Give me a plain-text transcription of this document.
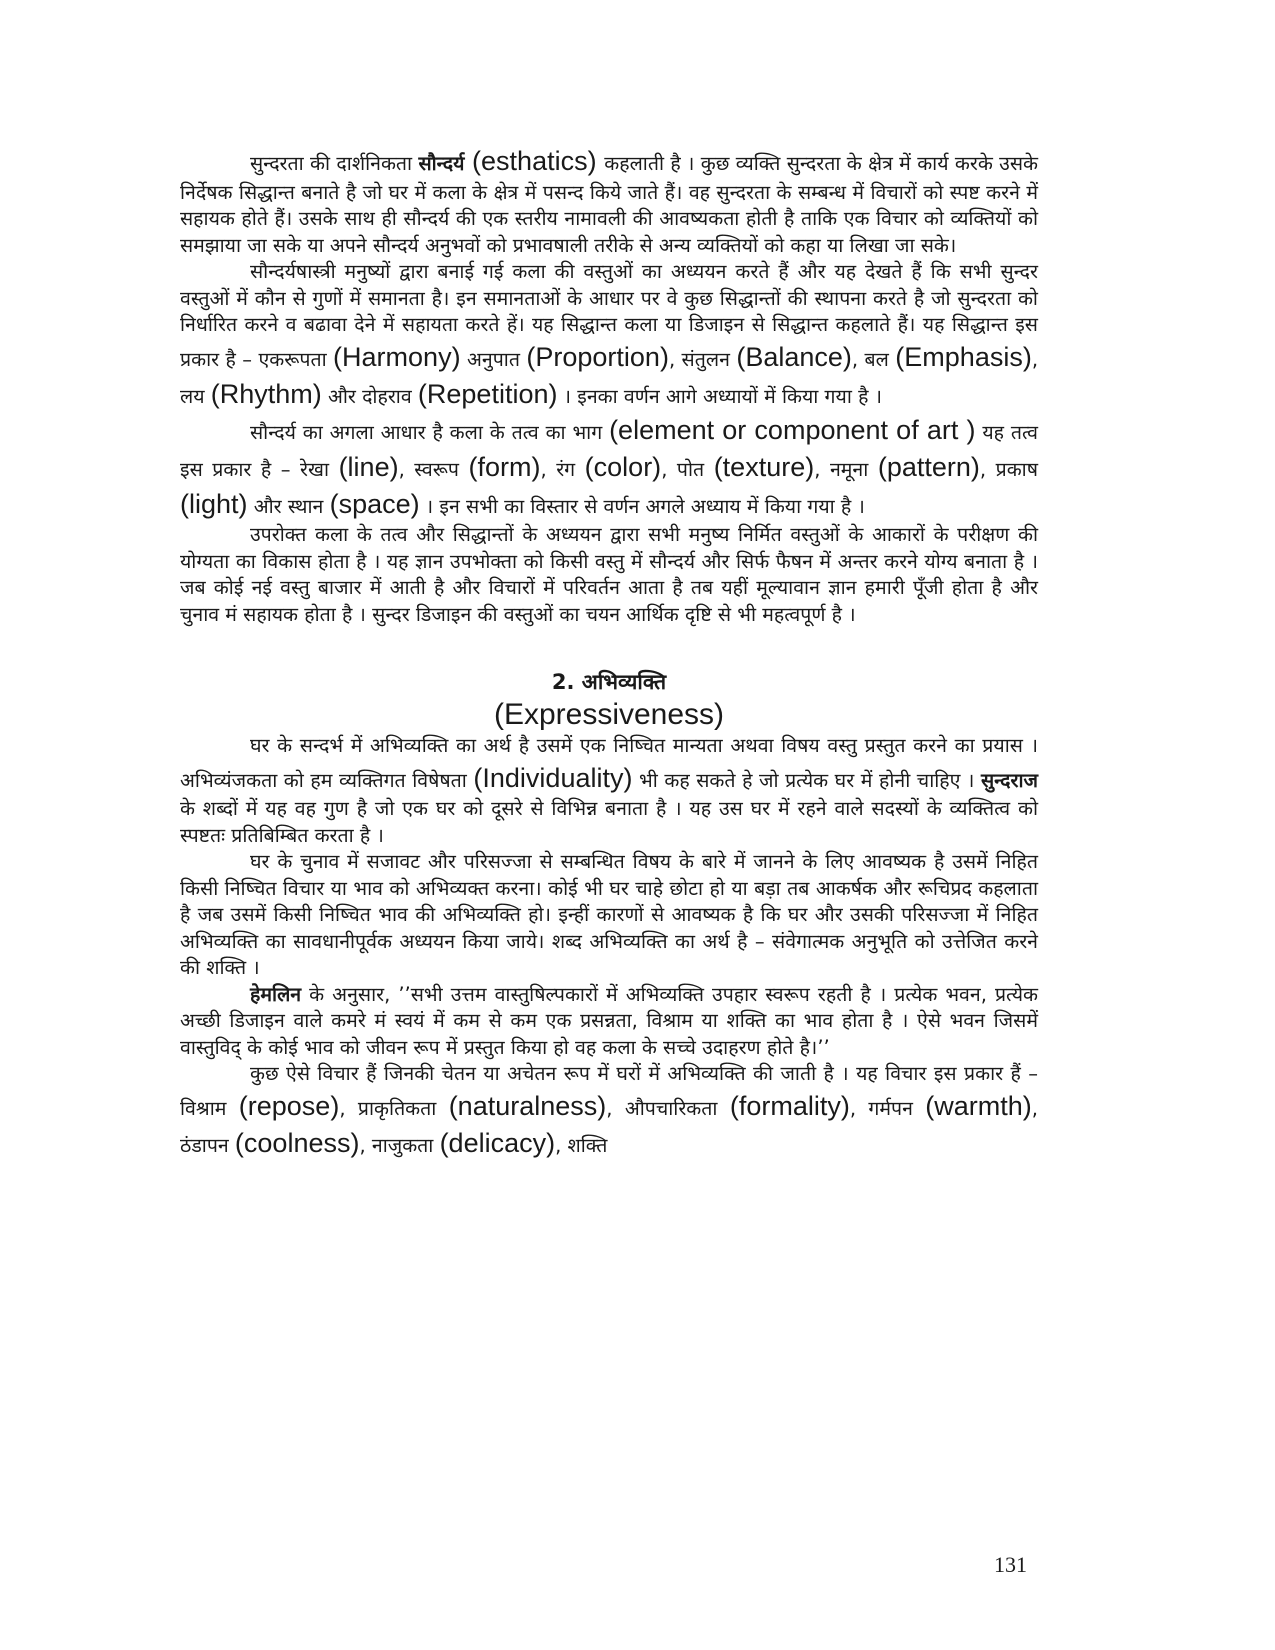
सुन्दरता की दार्शनिकता सौन्दर्य (esthatics) कहलाती है । कुछ व्यक्ति सुन्दरता के क्षेत्र में कार्य करके उसके निर्देषक सिद्धान्त बनाते है जो घर में कला के क्षेत्र में पसन्द किये जाते हैं। वह सुन्दरता के सम्बन्ध में विचारों को स्पष्ट करने में सहायक होते हैं। उसके साथ ही सौन्दर्य की एक स्तरीय नामावली की आवष्यकता होती है ताकि एक विचार को व्यक्तियों को समझाया जा सके या अपने सौन्दर्य अनुभवों को प्रभावषाली तरीके से अन्य व्यक्तियों को कहा या लिखा जा सके।

सौन्दर्यषास्त्री मनुष्यों द्वारा बनाई गई कला की वस्तुओं का अध्ययन करते हैं और यह देखते हैं कि सभी सुन्दर वस्तुओं में कौन से गुणों में समानता है। इन समानताओं के आधार पर वे कुछ सिद्धान्तों की स्थापना करते है जो सुन्दरता को निर्धारित करने व बढावा देने में सहायता करते हें। यह सिद्धान्त कला या डिजाइन से सिद्धान्त कहलाते हैं। यह सिद्धान्त इस प्रकार है – एकरूपता (Harmony) अनुपात (Proportion), संतुलन (Balance), बल (Emphasis), लय (Rhythm) और दोहराव (Repetition) । इनका वर्णन आगे अध्यायों में किया गया है ।

सौन्दर्य का अगला आधार है कला के तत्व का भाग (element or component of art ) यह तत्व इस प्रकार है – रेखा (line), स्वरूप (form), रंग (color), पोत (texture), नमूना (pattern), प्रकाष (light) और स्थान (space) । इन सभी का विस्तार से वर्णन अगले अध्याय में किया गया है ।

उपरोक्त कला के तत्व और सिद्धान्तों के अध्ययन द्वारा सभी मनुष्य निर्मित वस्तुओं के आकारों के परीक्षण की योग्यता का विकास होता है । यह ज्ञान उपभोक्ता को किसी वस्तु में सौन्दर्य और सिर्फ फैषन में अन्तर करने योग्य बनाता है । जब कोई नई वस्तु बाजार में आती है और विचारों में परिवर्तन आता है तब यहीं मूल्यावान ज्ञान हमारी पूँजी होता है और चुनाव मं सहायक होता है । सुन्दर डिजाइन की वस्तुओं का चयन आर्थिक दृष्टि से भी महत्वपूर्ण है ।

2. अभिव्यक्ति

(Expressiveness)

घर के सन्दर्भ में अभिव्यक्ति का अर्थ है उसमें एक निष्चित मान्यता अथवा विषय वस्तु प्रस्तुत करने का प्रयास । अभिव्यंजकता को हम व्यक्तिगत विषेषता (Individuality) भी कह सकते हे जो प्रत्येक घर में होनी चाहिए । सुन्दराज के शब्दों में यह वह गुण है जो एक घर को दूसरे से विभिन्न बनाता है । यह उस घर में रहने वाले सदस्यों के व्यक्तित्व को स्पष्टतः प्रतिबिम्बित करता है ।

घर के चुनाव में सजावट और परिसज्जा से सम्बन्धित विषय के बारे में जानने के लिए आवष्यक है उसमें निहित किसी निष्चित विचार या भाव को अभिव्यक्त करना। कोई भी घर चाहे छोटा हो या बड़ा तब आकर्षक और रूचिप्रद कहलाता है जब उसमें किसी निष्चित भाव की अभिव्यक्ति हो। इन्हीं कारणों से आवष्यक है कि घर और उसकी परिसज्जा में निहित अभिव्यक्ति का सावधानीपूर्वक अध्ययन किया जाये। शब्द अभिव्यक्ति का अर्थ है – संवेगात्मक अनुभूति को उत्तेजित करने की शक्ति ।

हेमलिन के अनुसार, ’’सभी उत्तम वास्तुषिल्पकारों में अभिव्यक्ति उपहार स्वरूप रहती है । प्रत्येक भवन, प्रत्येक अच्छी डिजाइन वाले कमरे मं स्वयं में कम से कम एक प्रसन्नता, विश्राम या शक्ति का भाव होता है । ऐसे भवन जिसमें वास्तुविद् के कोई भाव को जीवन रूप में प्रस्तुत किया हो वह कला के सच्चे उदाहरण होते है।’’

कुछ ऐसे विचार हैं जिनकी चेतन या अचेतन रूप में घरों में अभिव्यक्ति की जाती है । यह विचार इस प्रकार हैं – विश्राम (repose), प्राकृतिकता (naturalness), औपचारिकता (formality), गर्मपन (warmth), ठंडापन (coolness), नाजुकता (delicacy), शक्ति

131
